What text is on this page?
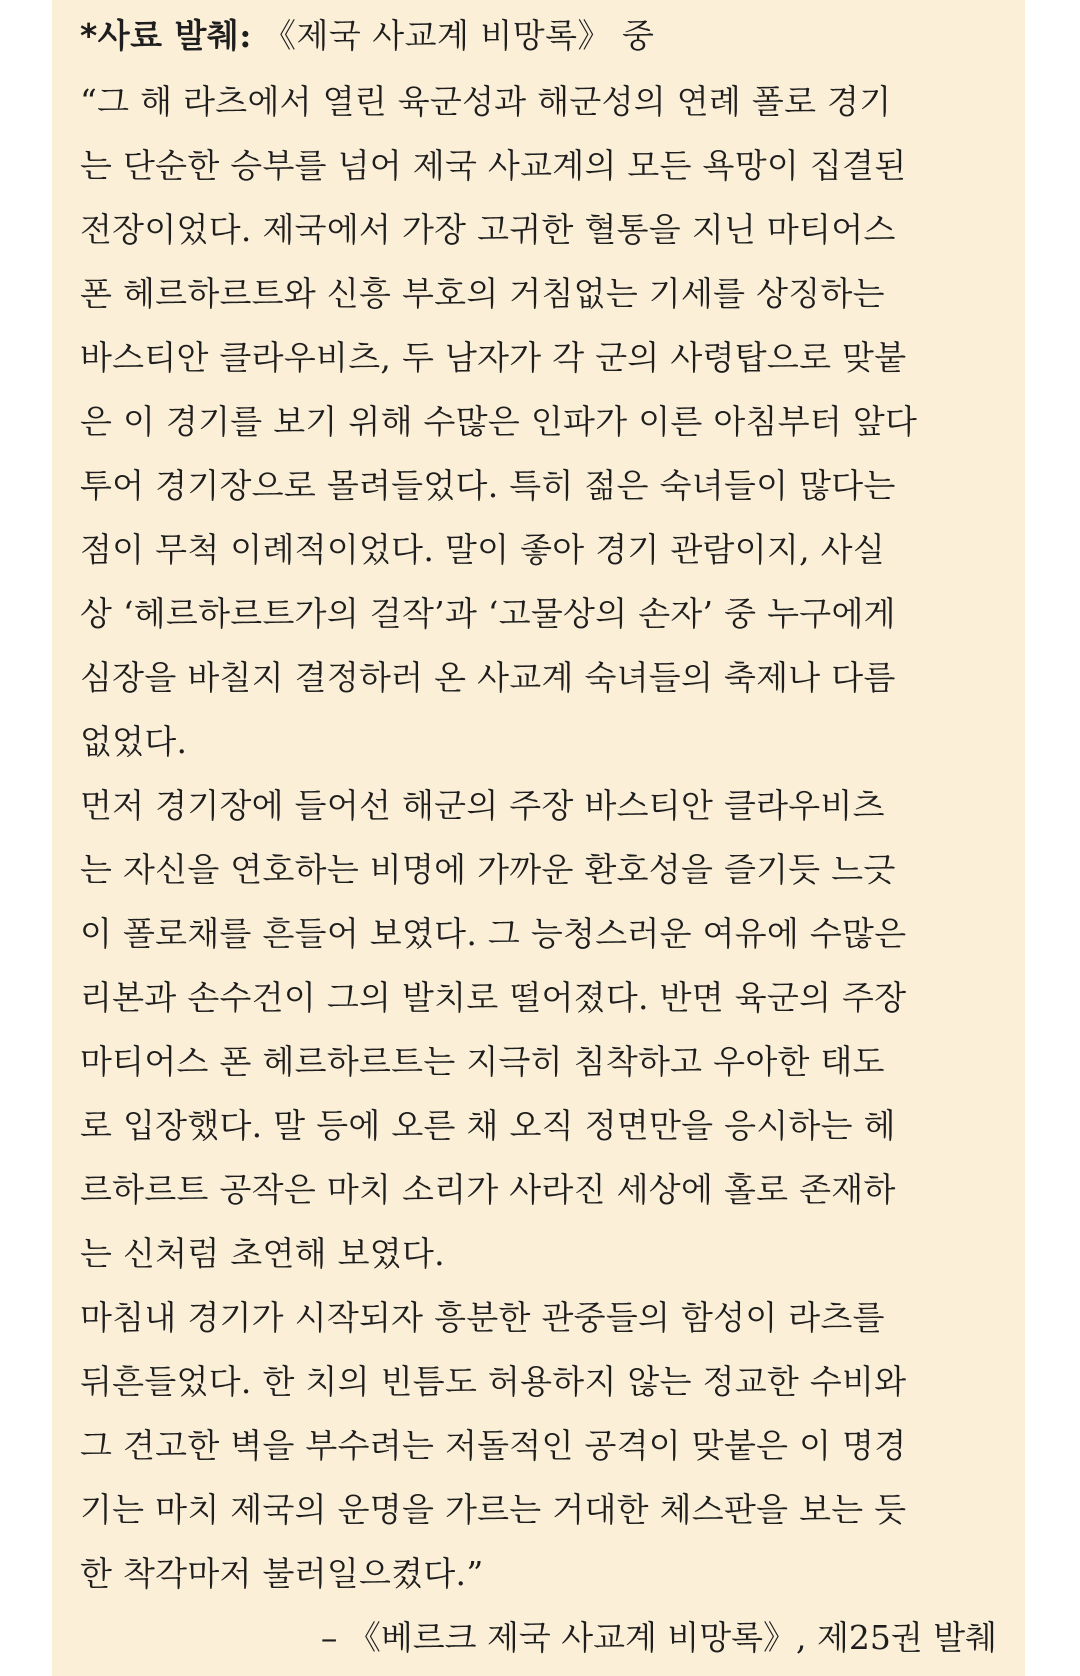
*사료 발췌: 《제국 사교계 비망록》 중
“그 해 라츠에서 열린 육군성과 해군성의 연례 폴로 경기
는 단순한 승부를 넘어 제국 사교계의 모든 욕망이 집결된
전장이었다. 제국에서 가장 고귀한 혈통을 지닌 마티어스
폰 헤르하르트와 신흥 부호의 거침없는 기세를 상징하는
바스티안 클라우비츠, 두 남자가 각 군의 사령탑으로 맞붙
은 이 경기를 보기 위해 수많은 인파가 이른 아침부터 앞다
투어 경기장으로 몰려들었다. 특히 젊은 숙녀들이 많다는
점이 무척 이례적이었다. 말이 좋아 경기 관람이지, 사실
상 ‘헤르하르트가의 걸작’과 ‘고물상의 손자’ 중 누구에게
심장을 바칠지 결정하러 온 사교계 숙녀들의 축제나 다름
없었다.
먼저 경기장에 들어선 해군의 주장 바스티안 클라우비츠
는 자신을 연호하는 비명에 가까운 환호성을 즐기듯 느긋
이 폴로채를 흔들어 보였다. 그 능청스러운 여유에 수많은
리본과 손수건이 그의 발치로 떨어졌다. 반면 육군의 주장
마티어스 폰 헤르하르트는 지극히 침착하고 우아한 태도
로 입장했다. 말 등에 오른 채 오직 정면만을 응시하는 헤
르하르트 공작은 마치 소리가 사라진 세상에 홀로 존재하
는 신처럼 초연해 보였다.
마침내 경기가 시작되자 흥분한 관중들의 함성이 라츠를
뒤흔들었다. 한 치의 빈틈도 허용하지 않는 정교한 수비와
그 견고한 벽을 부수려는 저돌적인 공격이 맞붙은 이 명경
기는 마치 제국의 운명을 가르는 거대한 체스판을 보는 듯
한 착각마저 불러일으켰다.”
– 《베르크 제국 사교계 비망록》, 제25권 발췌
